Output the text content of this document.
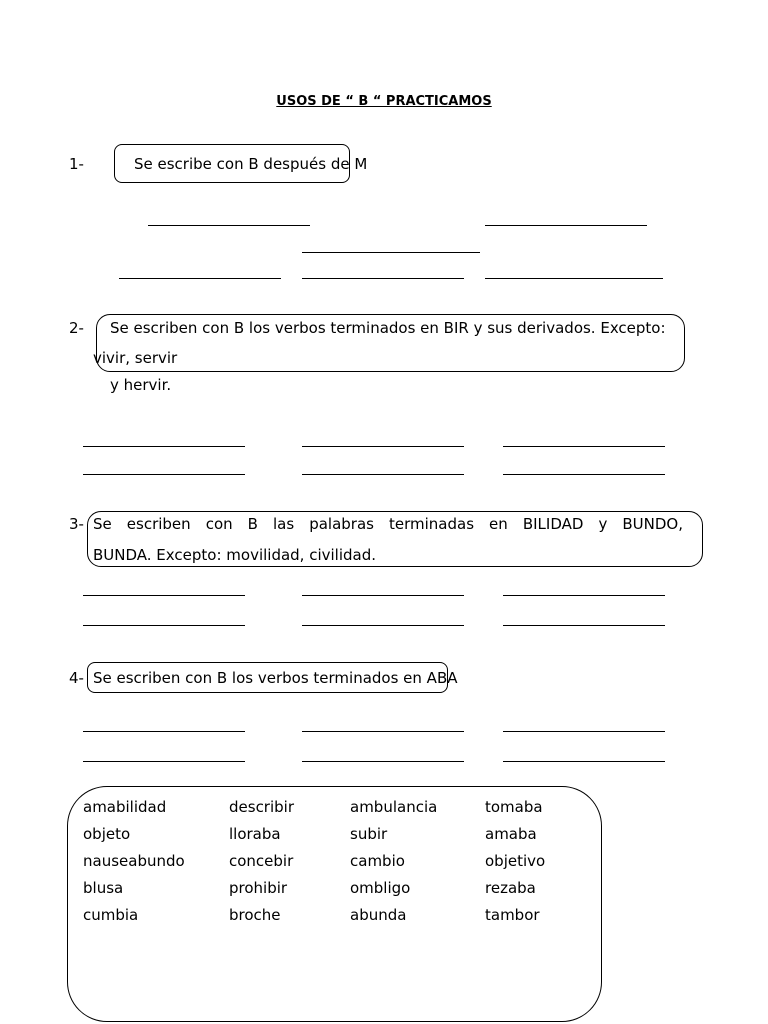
USOS DE “ B “ PRACTICAMOS
1-	Se escribe con B después de M
2- Se escriben con B los verbos terminados en BIR y sus derivados. Excepto:
vivir, servir
y hervir.
3- Se escriben con B las palabras terminadas en BILIDAD y BUNDO,
BUNDA. Excepto: movilidad, civilidad.
4- Se escriben con B los verbos terminados en ABA
amabilidad
objeto
nauseabundo
blusa
cumbia
describir
lloraba
concebir
prohibir
broche
ambulancia
subir
cambio
ombligo
abunda
tomaba
amaba
objetivo
rezaba
tambor
